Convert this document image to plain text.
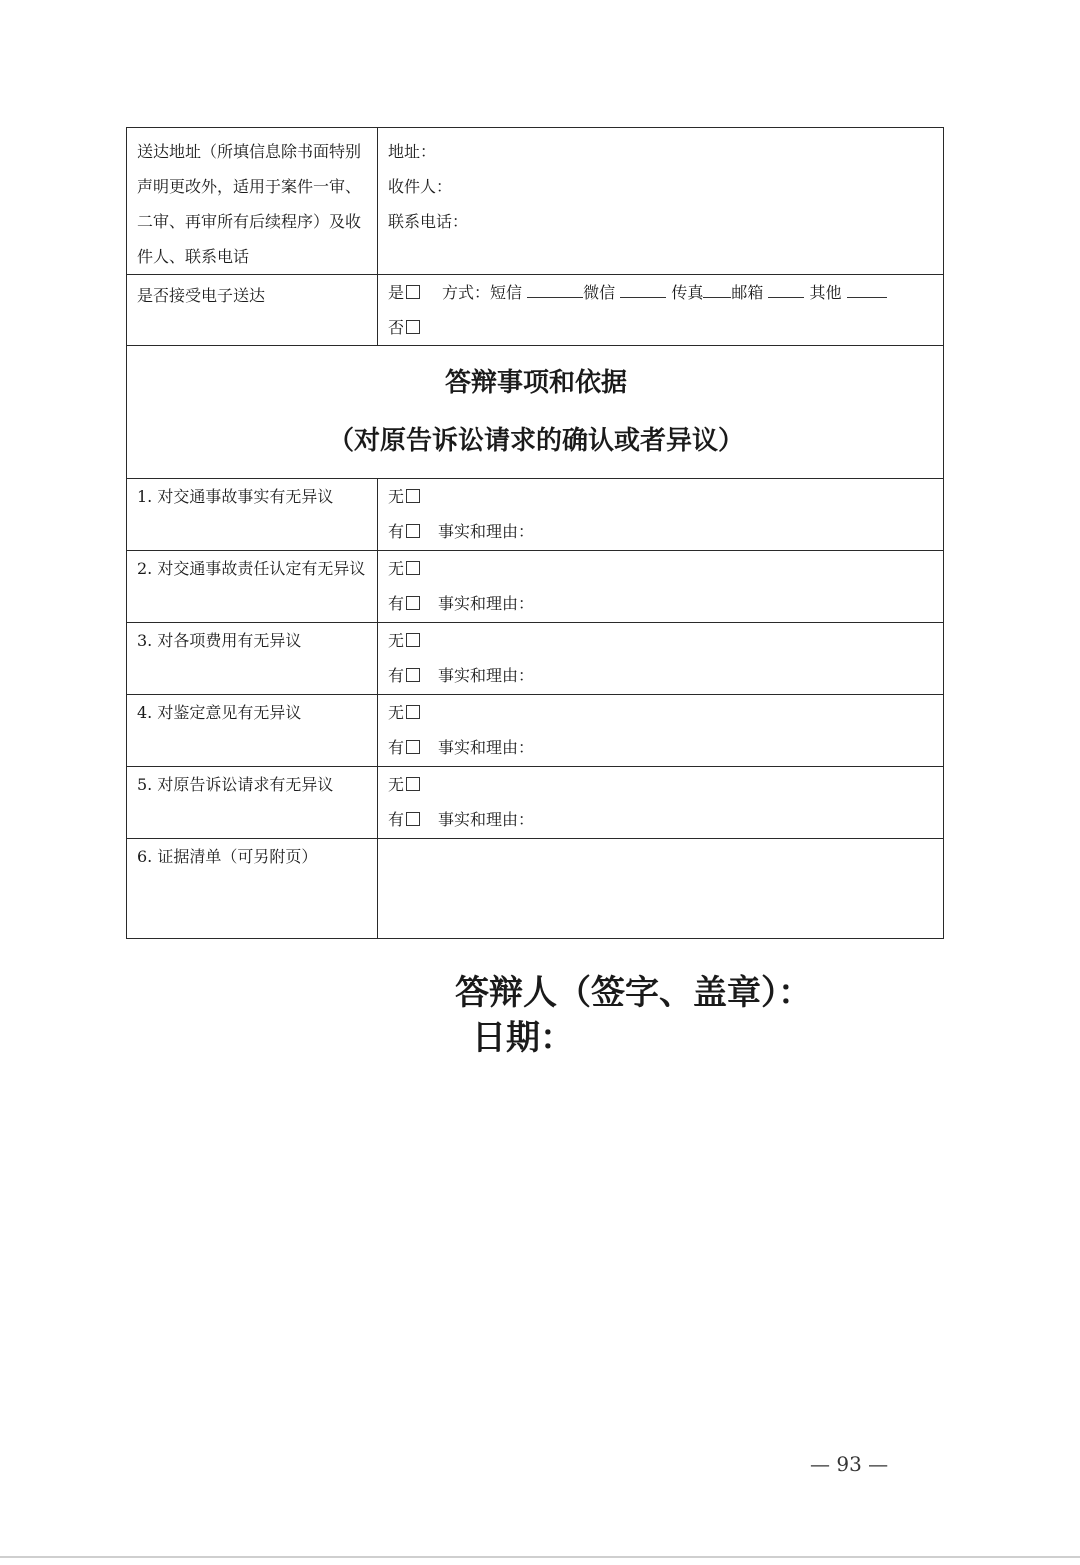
送达地址（所填信息除书面特别声明更改外，适用于案件一审、二审、再审所有后续程序）及收件人、联系电话	地址：
收件人：
联系电话：

是否接受电子送达	是 方式：短信 微信 传真 邮箱 其他
否

答辩事项和依据
（对原告诉讼请求的确认或者异议）	

1. 对交通事故事实有无异议	无
有 事实和理由：

2. 对交通事故责任认定有无异议	无
有 事实和理由：

3. 对各项费用有无异议	无
有 事实和理由：

4. 对鉴定意见有无异议	无
有 事实和理由：

5. 对原告诉讼请求有无异议	无
有 事实和理由：

6. 证据清单（可另附页）	
答辩人（签字、盖章）：
日期：
— 93 —
